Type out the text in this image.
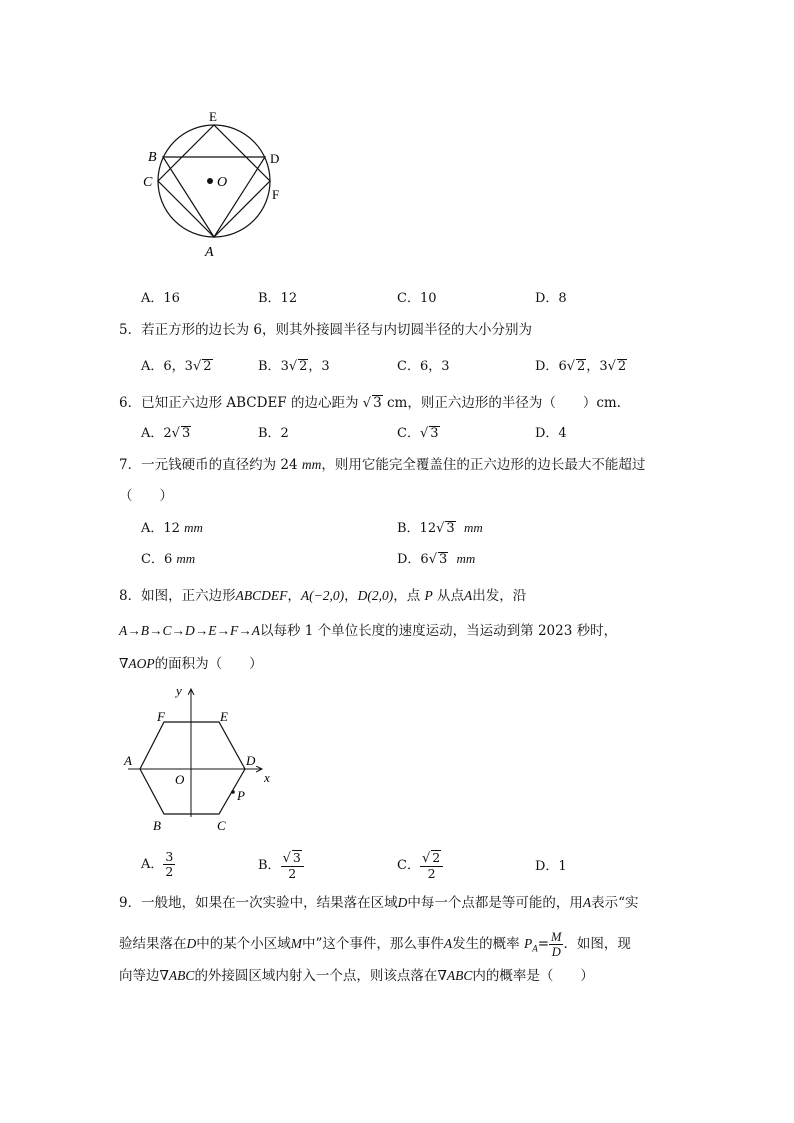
E
B	D
C	O
F
A
A．16	B．12	C．10	D．8
5．若正方形的边长为 6，则其外接圆半径与内切圆半径的大小分别为
A．6，3√ 2	B．3√ 2，3	C．6，3	D．6√ 2，3√ 2
6．已知正六边形 ABCDEF 的边心距为 √ 3 cm，则正六边形的半径为（　　）cm.
A．2√ 3	B．2	C．√ 3	D．4
7．一元钱硬币的直径约为 24 mm，则用它能完全覆盖住的正六边形的边长最大不能超过
（　　）
A．12 mm	B．12√ 3 mm
C．6 mm	D．6√ 3 mm
8．如图，正六边形ABCDEF，A(−2,0)，D(2,0)，点 P 从点A出发，沿
A→B→C→D→E→F→A以每秒 1 个单位长度的速度运动，当运动到第 2023 秒时，
∇AOP的面积为（　　）
y
F	E
A
O
D
x
P
B	C
A． $\frac{3}{2}$	B． $\frac{√ 3}{2}$	C． $\frac{√ 2}{2}$	D．1
9．一般地，如果在一次实验中，结果落在区域D中每一个点都是等可能的，用A表示“实
验结果落在D中的某个小区域M中”这个事件，那么事件A发生的概率 $P_A= \frac{M}{D}$ ．如图，现
向等边∇ABC的外接圆区域内射入一个点，则该点落在∇ABC内的概率是（　　）
